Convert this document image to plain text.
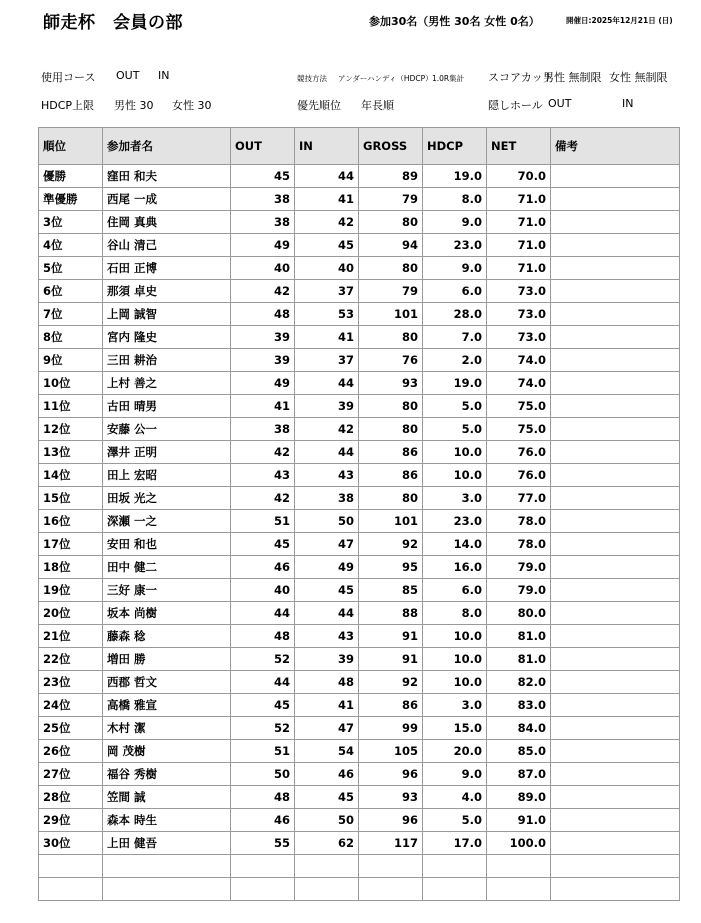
師走杯　会員の部	参加30名（男性 30名 女性 0名）	開催日:2025年12月21日 (日)
使用コース OUT IN	競技方法 アンダーハンディ（HDCP） 1.0R集計 スコアカット
男性 無制限 女性 無制限
HDCP上限 男性 30 女性 30	優先順位 年長順	隠しホール OUT	IN
順位	参加者名	OUT	IN	GROSS	HDCP	NET	備考
優勝	窪田 和夫	45	44	89	19.0	70.0	
準優勝	西尾 一成	38	41	79	8.0	71.0	
3位	住岡 真典	38	42	80	9.0	71.0	
4位	谷山 清己	49	45	94	23.0	71.0	
5位	石田 正博	40	40	80	9.0	71.0	
6位	那須 卓史	42	37	79	6.0	73.0	
7位	上岡 誠智	48	53	101	28.0	73.0	
8位	宮内 隆史	39	41	80	7.0	73.0	
9位	三田 耕治	39	37	76	2.0	74.0	
10位	上村 善之	49	44	93	19.0	74.0	
11位	古田 晴男	41	39	80	5.0	75.0	
12位	安藤 公一	38	42	80	5.0	75.0	
13位	澤井 正明	42	44	86	10.0	76.0	
14位	田上 宏昭	43	43	86	10.0	76.0	
15位	田坂 光之	42	38	80	3.0	77.0	
16位	深瀬 一之	51	50	101	23.0	78.0	
17位	安田 和也	45	47	92	14.0	78.0	
18位	田中 健二	46	49	95	16.0	79.0	
19位	三好 康一	40	45	85	6.0	79.0	
20位	坂本 尚樹	44	44	88	8.0	80.0	
21位	藤森 稔	48	43	91	10.0	81.0	
22位	増田 勝	52	39	91	10.0	81.0	
23位	西郡 哲文	44	48	92	10.0	82.0	
24位	高橋 雅宣	45	41	86	3.0	83.0	
25位	木村 潔	52	47	99	15.0	84.0	
26位	岡 茂樹	51	54	105	20.0	85.0	
27位	福谷 秀樹	50	46	96	9.0	87.0	
28位	笠間 誠	48	45	93	4.0	89.0	
29位	森本 時生	46	50	96	5.0	91.0	
30位	上田 健吾	55	62	117	17.0	100.0	
